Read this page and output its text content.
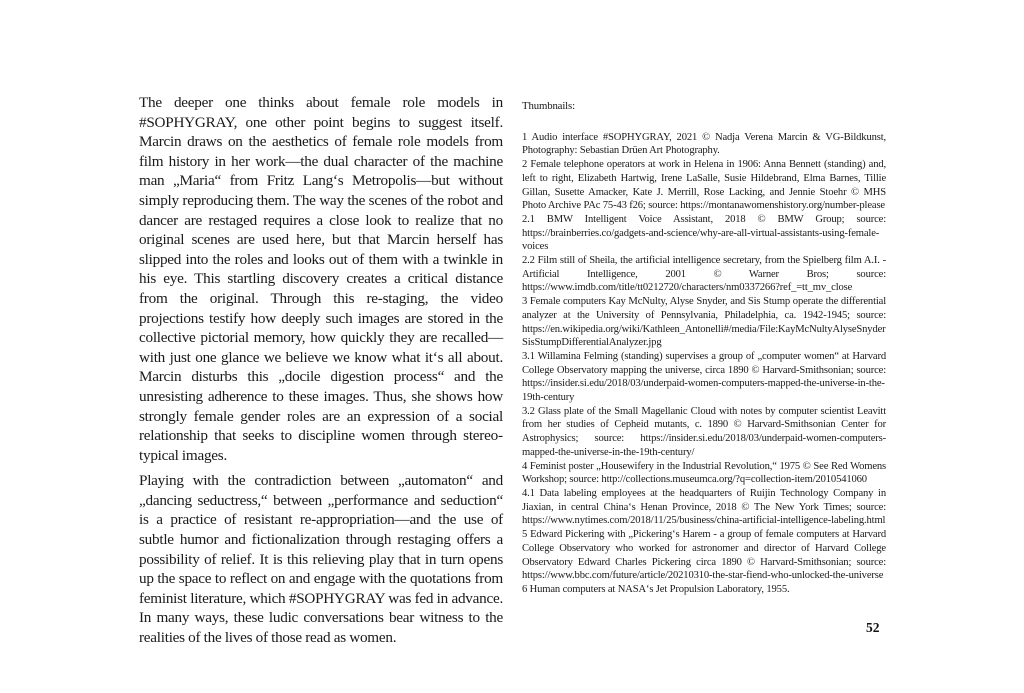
The deeper one thinks about female role models in #SOPHYGRAY, one other point begins to suggest itself. Marcin draws on the aesthetics of female role models from film history in her work—the dual character of the machine man „Maria“ from Fritz Lang‘s Metropolis—but without simply reproducing them. The way the scenes of the robot and dancer are restaged requires a close look to realize that no original scenes are used here, but that Marcin herself has slipped into the roles and looks out of them with a twinkle in his eye. This startling discovery creates a critical distance from the original. Through this re-staging, the video projections testify how deeply such images are stored in the collective pictorial memory, how quickly they are recalled—with just one glance we believe we know what it‘s all about. Marcin disturbs this „docile digestion process“ and the unresisting adherence to these images. Thus, she shows how strongly female gender roles are an expression of a social relationship that seeks to discipline women through stereotypical images.

Playing with the contradiction between „automaton“ and „dancing seductress,“ between „performance and seduction“ is a practice of resistant re-appropriation—and the use of subtle humor and fictionalization through restaging offers a possibility of relief. It is this relieving play that in turn opens up the space to reflect on and engage with the quotations from feminist literature, which #SOPHYGRAY was fed in advance. In many ways, these ludic conversations bear witness to the realities of the lives of those read as women.

Thumbnails:

1 Audio interface #SOPHYGRAY, 2021 © Nadja Verena Marcin & VG-Bildkunst, Photography: Sebastian Drüen Art Photography.

2 Female telephone operators at work in Helena in 1906: Anna Bennett (standing) and, left to right, Elizabeth Hartwig, Irene LaSalle, Susie Hildebrand, Elma Barnes, Tillie Gillan, Susette Amacker, Kate J. Merrill, Rose Lacking, and Jennie Stoehr © MHS Photo Archive PAc 75-43 f26; source: https://montanawomenshistory.org/number-please

2.1 BMW Intelligent Voice Assistant, 2018 © BMW Group; source: https://brainberries.co/gadgets-and-science/why-are-all-virtual-assistants-using-female-voices

2.2 Film still of Sheila, the artificial intelligence secretary, from the Spielberg film A.I. - Artificial Intelligence, 2001 © Warner Bros; source: https://www.imdb.com/title/tt0212720/characters/nm0337266?ref_=tt_mv_close

3 Female computers Kay McNulty, Alyse Snyder, and Sis Stump operate the differential analyzer at the University of Pennsylvania, Philadelphia, ca. 1942-1945; source: https://en.wikipedia.org/wiki/Kathleen_Antonelli#/media/File:KayMcNultyAlyseSnyderSisStumpDifferentialAnalyzer.jpg

3.1 Willamina Felming (standing) supervises a group of „computer women“ at Harvard College Observatory mapping the universe, circa 1890 © Harvard-Smithsonian; source: https://insider.si.edu/2018/03/underpaid-women-computers-mapped-the-universe-in-the-19th-century

3.2 Glass plate of the Small Magellanic Cloud with notes by computer scientist Leavitt from her studies of Cepheid mutants, c. 1890 © Harvard-Smithsonian Center for Astrophysics; source: https://insider.si.edu/2018/03/underpaid-women-computers-mapped-the-universe-in-the-19th-century/

4 Feminist poster „Housewifery in the Industrial Revolution,“ 1975 © See Red Womens Workshop; source: http://collections.museumca.org/?q=collection-item/2010541060

4.1 Data labeling employees at the headquarters of Ruijin Technology Company in Jiaxian, in central China‘s Henan Province, 2018 © The New York Times; source: https://www.nytimes.com/2018/11/25/business/china-artificial-intelligence-labeling.html

5 Edward Pickering with „Pickering‘s Harem - a group of female computers at Harvard College Observatory who worked for astronomer and director of Harvard College Observatory Edward Charles Pickering circa 1890 © Harvard-Smithsonian; source: https://www.bbc.com/future/article/20210310-the-star-fiend-who-unlocked-the-universe

6 Human computers at NASA‘s Jet Propulsion Laboratory, 1955.

52
